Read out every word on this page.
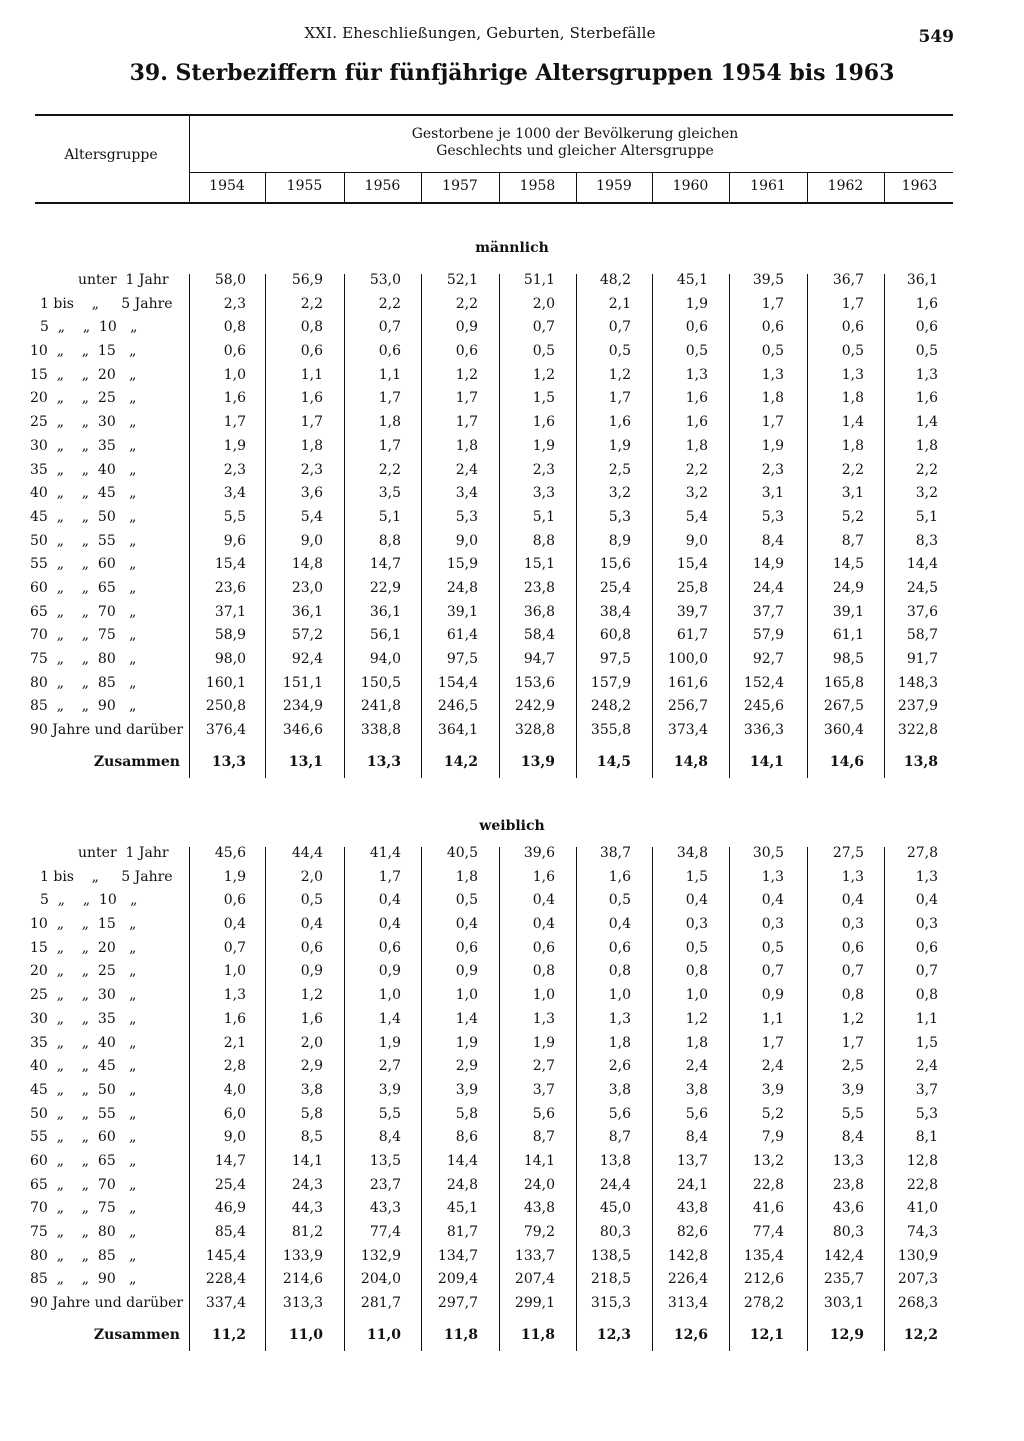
XXI. Eheschließungen, Geburten, Sterbefälle	549
39. Sterbeziffern für fünfjährige Altersgruppen 1954 bis 1963
Altersgruppe
Gestorbene je 1000 der Bevölkerung gleichen Geschlechts und gleicher Altersgruppe
1954	1955	1956	1957	1958	1959	1960	1961	1962	1963
männlich
unter  1 Jahr	58,0	56,9	53,0	52,1	51,1	48,2	45,1	39,5	36,7	36,1
1 bis    „     5 Jahre	2,3	2,2	2,2	2,2	2,0	2,1	1,9	1,7	1,7	1,6
5  „    „  10   „	0,8	0,8	0,7	0,9	0,7	0,7	0,6	0,6	0,6	0,6
10  „    „  15   „	0,6	0,6	0,6	0,6	0,5	0,5	0,5	0,5	0,5	0,5
15  „    „  20   „	1,0	1,1	1,1	1,2	1,2	1,2	1,3	1,3	1,3	1,3
20  „    „  25   „	1,6	1,6	1,7	1,7	1,5	1,7	1,6	1,8	1,8	1,6
25  „    „  30   „	1,7	1,7	1,8	1,7	1,6	1,6	1,6	1,7	1,4	1,4
30  „    „  35   „	1,9	1,8	1,7	1,8	1,9	1,9	1,8	1,9	1,8	1,8
35  „    „  40   „	2,3	2,3	2,2	2,4	2,3	2,5	2,2	2,3	2,2	2,2
40  „    „  45   „	3,4	3,6	3,5	3,4	3,3	3,2	3,2	3,1	3,1	3,2
45  „    „  50   „	5,5	5,4	5,1	5,3	5,1	5,3	5,4	5,3	5,2	5,1
50  „    „  55   „	9,6	9,0	8,8	9,0	8,8	8,9	9,0	8,4	8,7	8,3
55  „    „  60   „	15,4	14,8	14,7	15,9	15,1	15,6	15,4	14,9	14,5	14,4
60  „    „  65   „	23,6	23,0	22,9	24,8	23,8	25,4	25,8	24,4	24,9	24,5
65  „    „  70   „	37,1	36,1	36,1	39,1	36,8	38,4	39,7	37,7	39,1	37,6
70  „    „  75   „	58,9	57,2	56,1	61,4	58,4	60,8	61,7	57,9	61,1	58,7
75  „    „  80   „	98,0	92,4	94,0	97,5	94,7	97,5	100,0	92,7	98,5	91,7
80  „    „  85   „	160,1	151,1	150,5	154,4	153,6	157,9	161,6	152,4	165,8	148,3
85  „    „  90   „	250,8	234,9	241,8	246,5	242,9	248,2	256,7	245,6	267,5	237,9
90 Jahre und darüber	376,4	346,6	338,8	364,1	328,8	355,8	373,4	336,3	360,4	322,8
Zusammen	13,3	13,1	13,3	14,2	13,9	14,5	14,8	14,1	14,6	13,8
weiblich
unter  1 Jahr	45,6	44,4	41,4	40,5	39,6	38,7	34,8	30,5	27,5	27,8
1 bis    „     5 Jahre	1,9	2,0	1,7	1,8	1,6	1,6	1,5	1,3	1,3	1,3
5  „    „  10   „	0,6	0,5	0,4	0,5	0,4	0,5	0,4	0,4	0,4	0,4
10  „    „  15   „	0,4	0,4	0,4	0,4	0,4	0,4	0,3	0,3	0,3	0,3
15  „    „  20   „	0,7	0,6	0,6	0,6	0,6	0,6	0,5	0,5	0,6	0,6
20  „    „  25   „	1,0	0,9	0,9	0,9	0,8	0,8	0,8	0,7	0,7	0,7
25  „    „  30   „	1,3	1,2	1,0	1,0	1,0	1,0	1,0	0,9	0,8	0,8
30  „    „  35   „	1,6	1,6	1,4	1,4	1,3	1,3	1,2	1,1	1,2	1,1
35  „    „  40   „	2,1	2,0	1,9	1,9	1,9	1,8	1,8	1,7	1,7	1,5
40  „    „  45   „	2,8	2,9	2,7	2,9	2,7	2,6	2,4	2,4	2,5	2,4
45  „    „  50   „	4,0	3,8	3,9	3,9	3,7	3,8	3,8	3,9	3,9	3,7
50  „    „  55   „	6,0	5,8	5,5	5,8	5,6	5,6	5,6	5,2	5,5	5,3
55  „    „  60   „	9,0	8,5	8,4	8,6	8,7	8,7	8,4	7,9	8,4	8,1
60  „    „  65   „	14,7	14,1	13,5	14,4	14,1	13,8	13,7	13,2	13,3	12,8
65  „    „  70   „	25,4	24,3	23,7	24,8	24,0	24,4	24,1	22,8	23,8	22,8
70  „    „  75   „	46,9	44,3	43,3	45,1	43,8	45,0	43,8	41,6	43,6	41,0
75  „    „  80   „	85,4	81,2	77,4	81,7	79,2	80,3	82,6	77,4	80,3	74,3
80  „    „  85   „	145,4	133,9	132,9	134,7	133,7	138,5	142,8	135,4	142,4	130,9
85  „    „  90   „	228,4	214,6	204,0	209,4	207,4	218,5	226,4	212,6	235,7	207,3
90 Jahre und darüber	337,4	313,3	281,7	297,7	299,1	315,3	313,4	278,2	303,1	268,3
Zusammen	11,2	11,0	11,0	11,8	11,8	12,3	12,6	12,1	12,9	12,2
